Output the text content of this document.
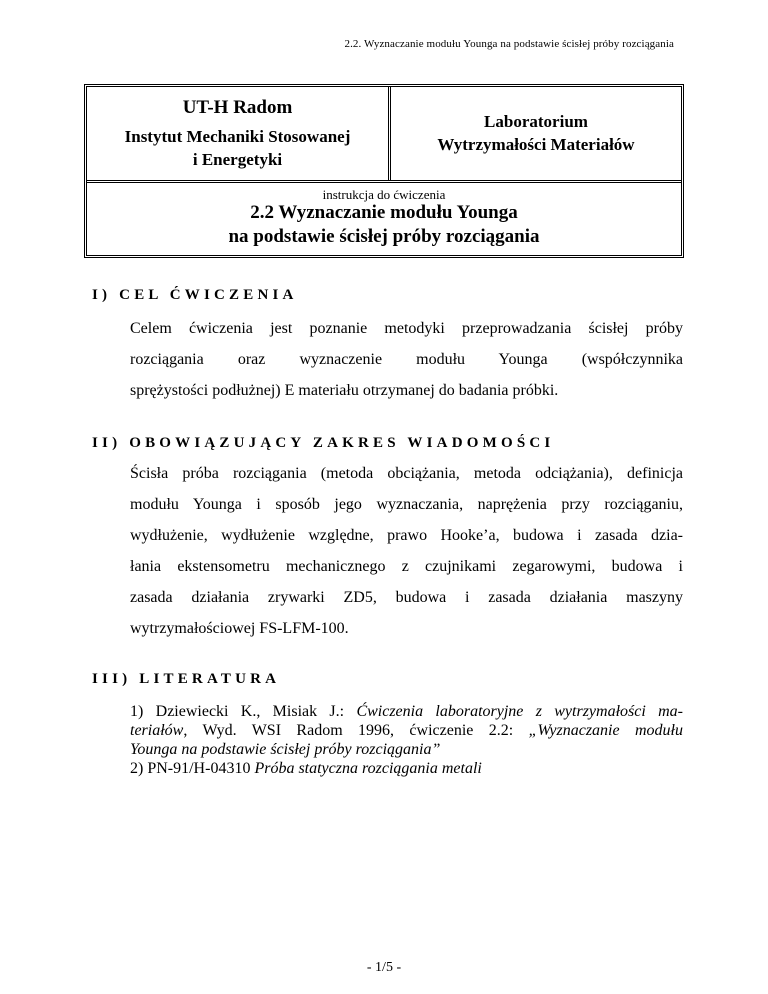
2.2. Wyznaczanie modułu Younga na podstawie ścisłej próby rozciągania
UT-H Radom
Instytut Mechaniki Stosowanej
i Energetyki
Laboratorium
Wytrzymałości Materiałów
instrukcja do ćwiczenia
2.2 Wyznaczanie modułu Younga
na podstawie ścisłej próby rozciągania
I) CEL ĆWICZENIA
Celem ćwiczenia jest poznanie metodyki przeprowadzania ścisłej próby
rozciągania oraz wyznaczenie modułu Younga (współczynnika
sprężystości podłużnej) E materiału otrzymanej do badania próbki.
II) OBOWIĄZUJĄCY ZAKRES WIADOMOŚCI
Ścisła próba rozciągania (metoda obciążania, metoda odciążania), definicja
modułu Younga i sposób jego wyznaczania, naprężenia przy rozciąganiu,
wydłużenie, wydłużenie względne, prawo Hooke’a, budowa i zasada dzia-
łania ekstensometru mechanicznego z czujnikami zegarowymi, budowa i
zasada działania zrywarki ZD5, budowa i zasada działania maszyny
wytrzymałościowej FS-LFM-100.
III) LITERATURA
1) Dziewiecki K., Misiak J.: Ćwiczenia laboratoryjne z wytrzymałości ma-
teriałów, Wyd. WSI Radom 1996, ćwiczenie 2.2: „Wyznaczanie modułu
Younga na podstawie ścisłej próby rozciągania”
2) PN-91/H-04310 Próba statyczna rozciągania metali
- 1/5 -
